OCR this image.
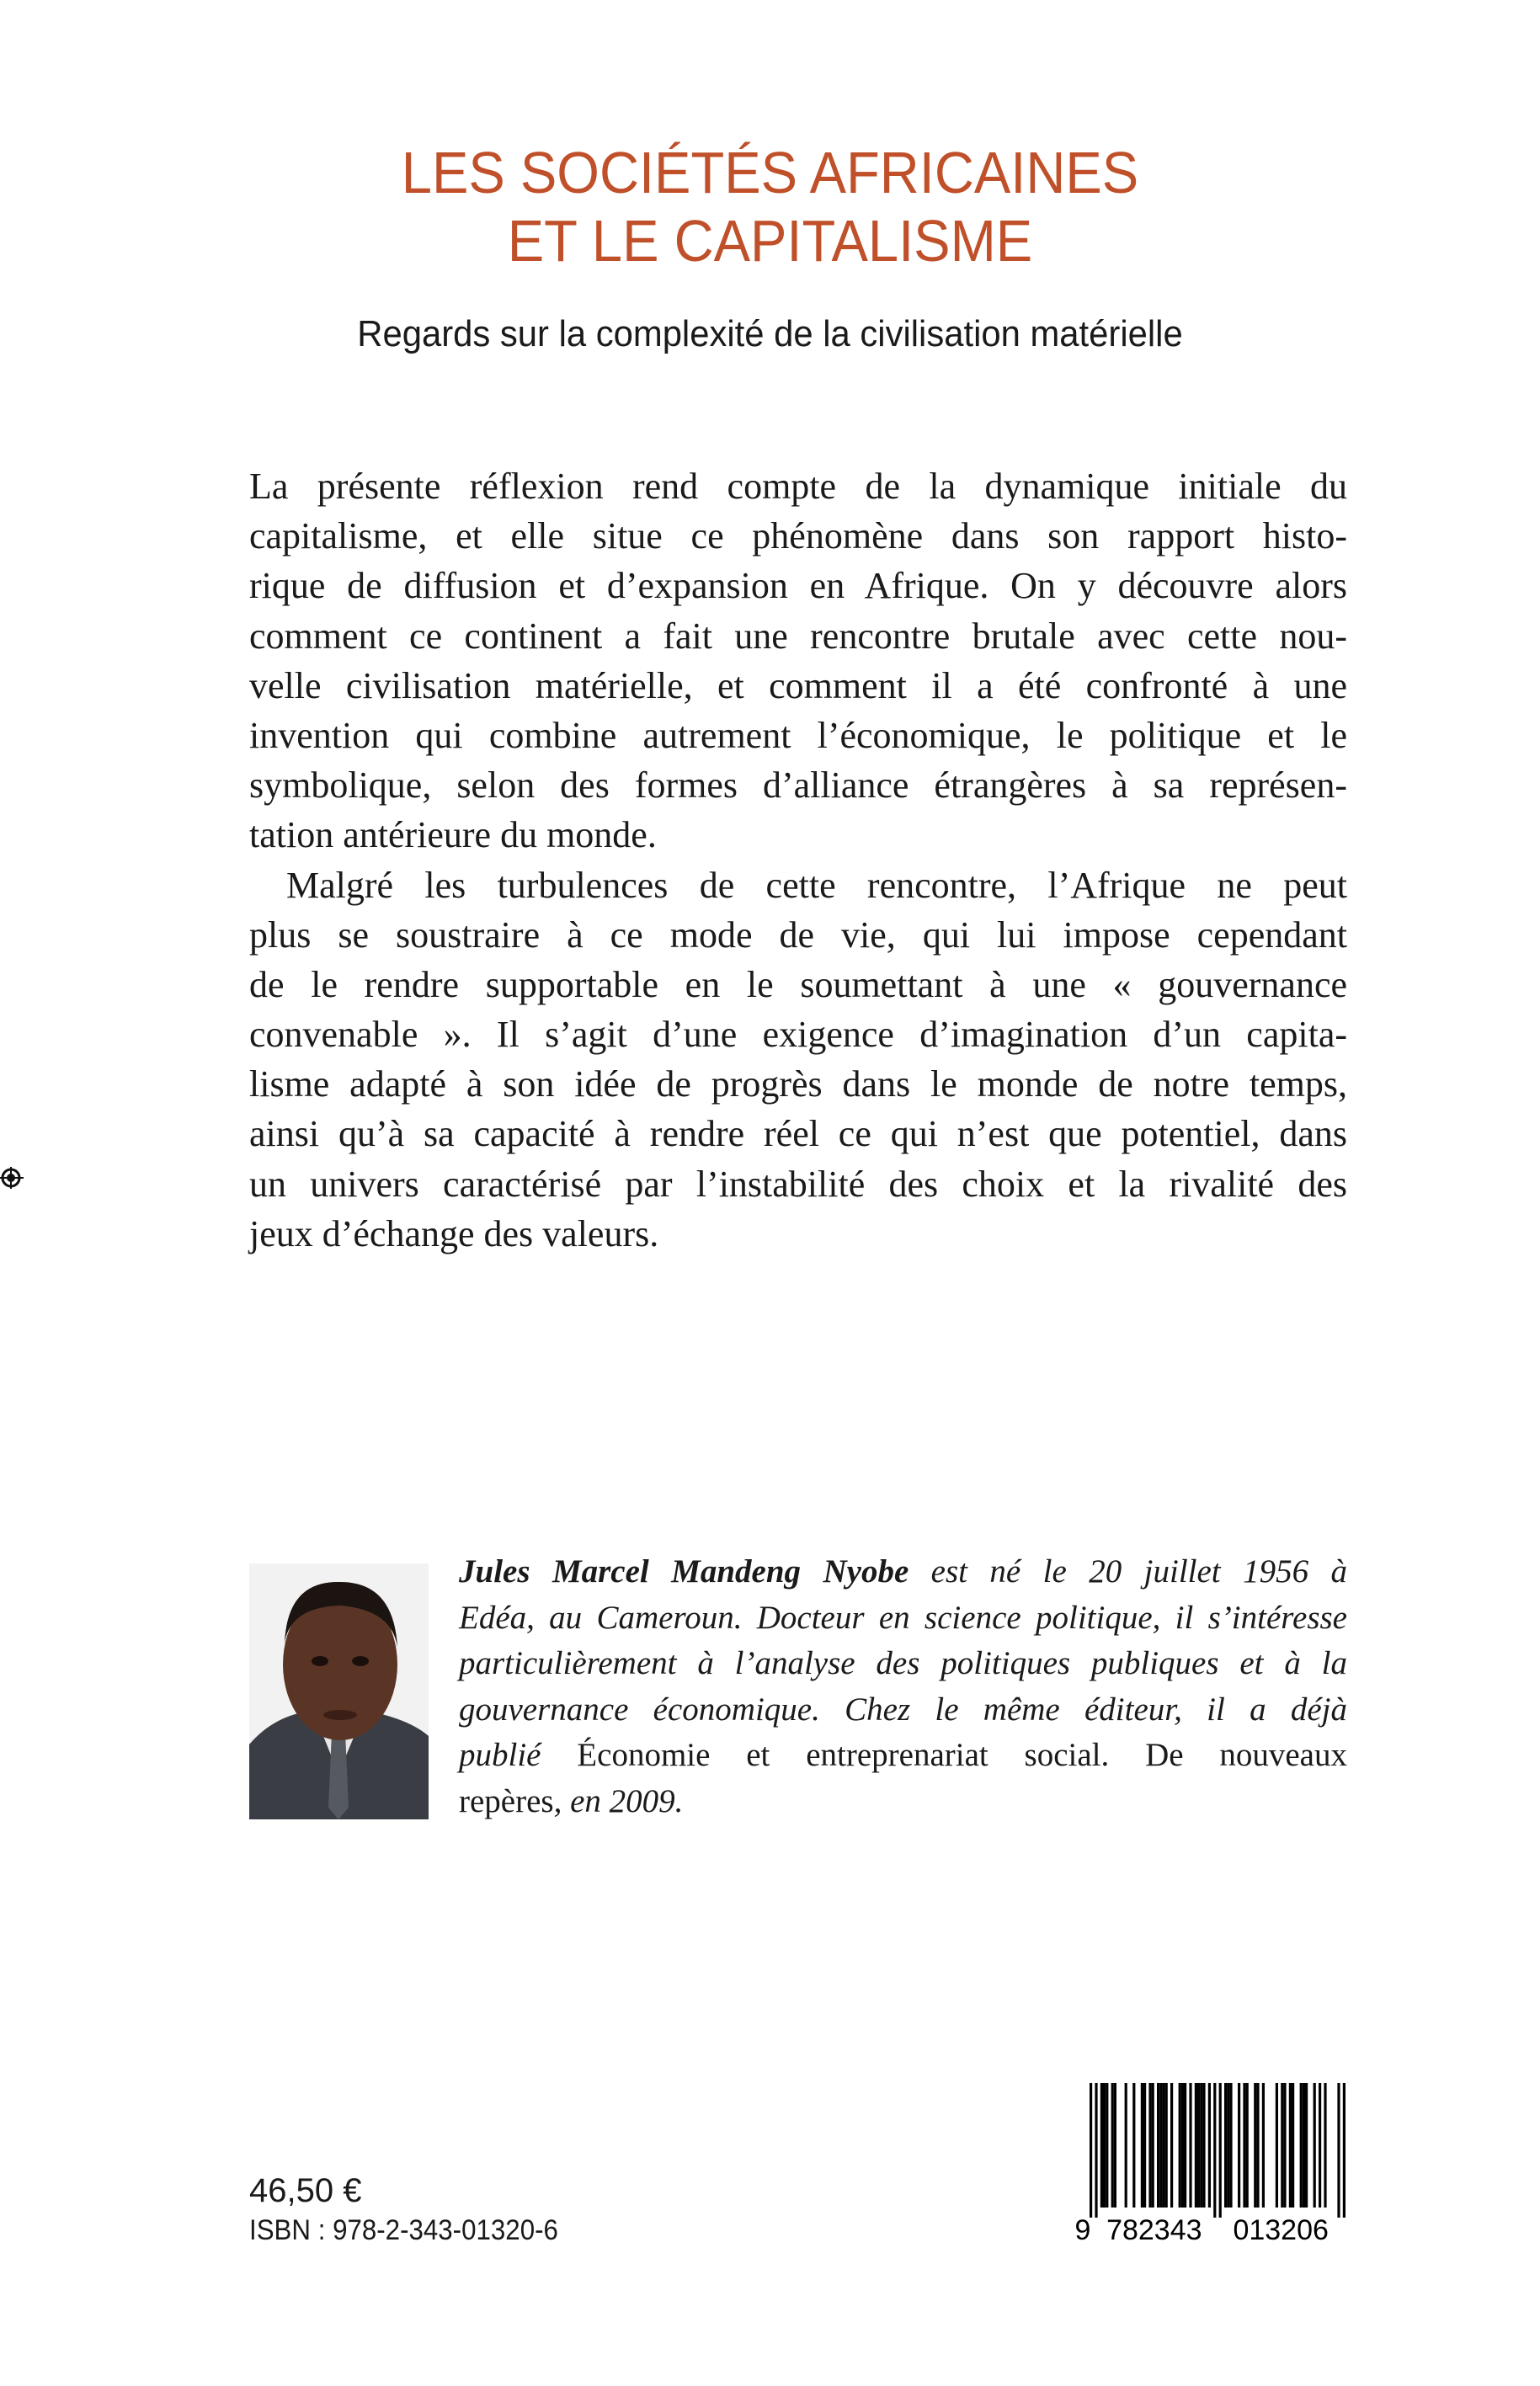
LES SOCIÉTÉS AFRICAINES
ET LE CAPITALISME
Regards sur la complexité de la civilisation matérielle
La présente réflexion rend compte de la dynamique initiale du
capitalisme, et elle situe ce phénomène dans son rapport histo-
rique de diffusion et d’expansion en Afrique. On y découvre alors
comment ce continent a fait une rencontre brutale avec cette nou-
velle civilisation matérielle, et comment il a été confronté à une
invention qui combine autrement l’économique, le politique et le
symbolique, selon des formes d’alliance étrangères à sa représen-
tation antérieure du monde.
Malgré les turbulences de cette rencontre, l’Afrique ne peut
plus se soustraire à ce mode de vie, qui lui impose cependant
de le rendre supportable en le soumettant à une « gouvernance
convenable ». Il s’agit d’une exigence d’imagination d’un capita-
lisme adapté à son idée de progrès dans le monde de notre temps,
ainsi qu’à sa capacité à rendre réel ce qui n’est que potentiel, dans
un univers caractérisé par l’instabilité des choix et la rivalité des
jeux d’échange des valeurs.
Jules Marcel Mandeng Nyobe est né le 20 juillet 1956 à
Edéa, au Cameroun. Docteur en science politique, il s’intéresse
particulièrement à l’analyse des politiques publiques et à la
gouvernance économique. Chez le même éditeur, il a déjà
publié Économie et entreprenariat social. De nouveaux
repères, en 2009.
46,50 €
ISBN : 978-2-343-01320-6	9 782343 013206
